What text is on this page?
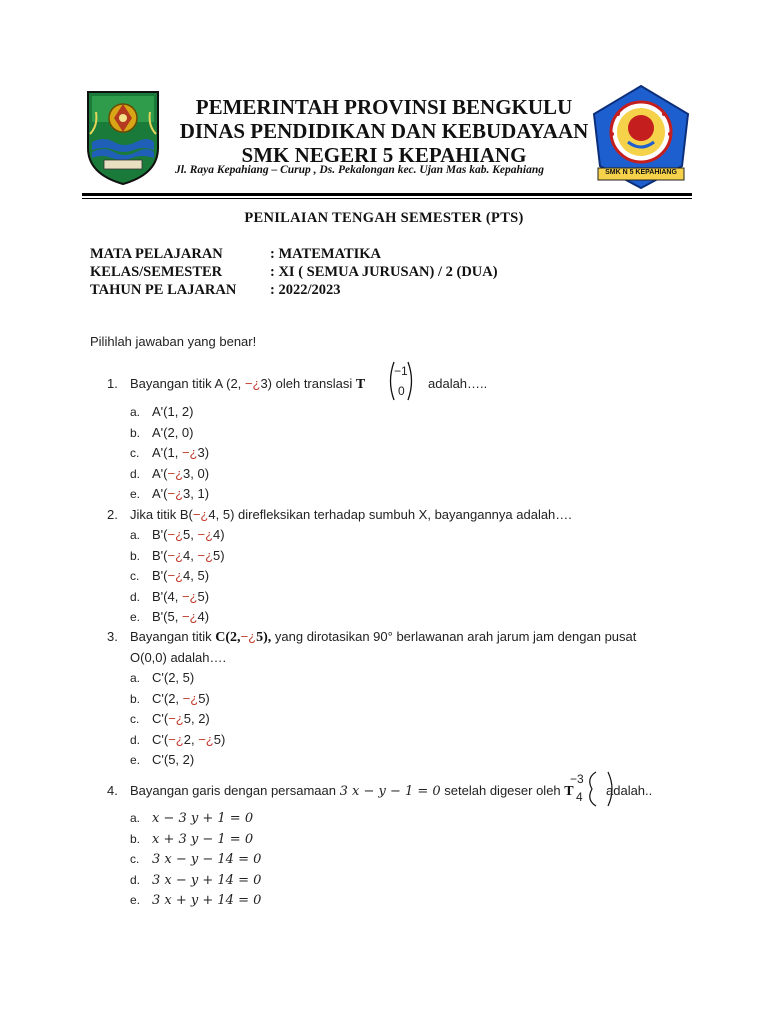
SMK N 5 KEPAHIANG
PEMERINTAH PROVINSI BENGKULU
DINAS PENDIDIKAN DAN KEBUDAYAAN
SMK NEGERI 5 KEPAHIANG
Jl. Raya Kepahiang – Curup , Ds. Pekalongan kec. Ujan Mas kab. Kepahiang
PENILAIAN TENGAH SEMESTER (PTS)
MATA PELAJARAN	: MATEMATIKA
KELAS/SEMESTER	: XI ( SEMUA JURUSAN) / 2 (DUA)
TAHUN PE LAJARAN : 2022/2023
Pilihlah jawaban yang benar!
1. Bayangan titik A (2, −¿3) oleh translasi T
−1
0 adalah…..
a. A'(1, 2)
b. A'(2, 0)
c. A'(1, −¿3)
d. A'(−¿3, 0)
e. A'(−¿3, 1)
2. Jika titik B(−¿4, 5) direfleksikan terhadap sumbuh X, bayangannya adalah….
a. B'(−¿5, −¿4)
b. B'(−¿4, −¿5)
c. B'(−¿4, 5)
d. B'(4, −¿5)
e. B'(5, −¿4)
3. Bayangan titik C(2,−¿5), yang dirotasikan 90° berlawanan arah jarum jam dengan pusat
O(0,0) adalah….
a. C'(2, 5)
b. C'(2, −¿5)
c. C'(−¿5, 2)
d. C'(−¿2, −¿5)
e. C'(5, 2)
4. Bayangan garis dengan persamaan 3 x − y − 1 = 0 setelah digeser oleh T
−3
4 adalah..
a. x − 3 y + 1 = 0
b. x + 3 y − 1 = 0
c. 3 x − y − 14 = 0
d. 3 x − y + 14 = 0
e. 3 x + y + 14 = 0
